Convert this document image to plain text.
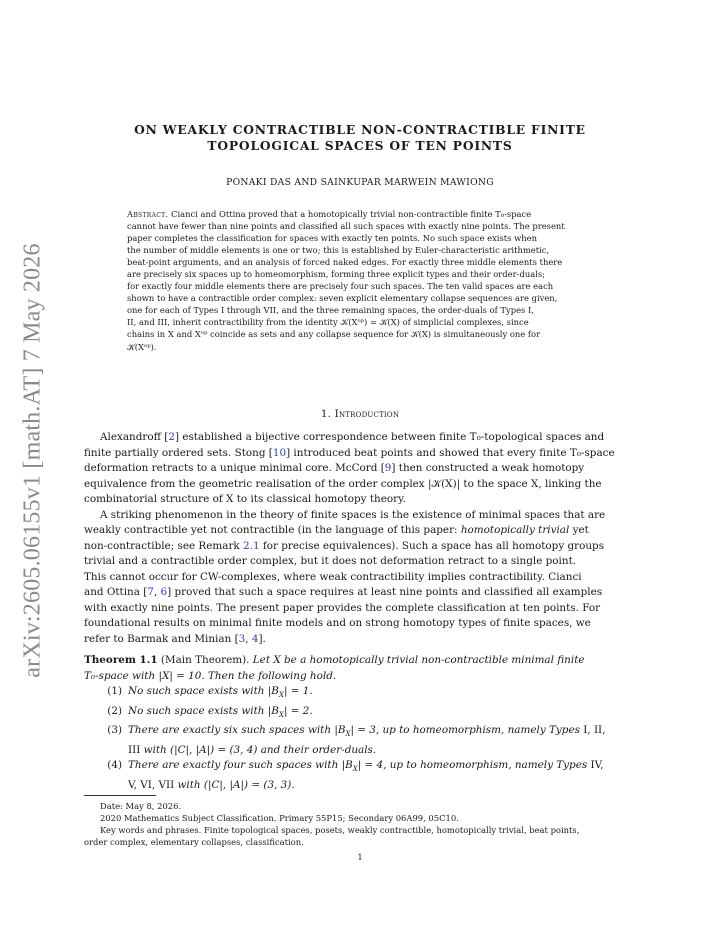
arXiv:2605.06155v1 [math.AT] 7 May 2026
ON WEAKLY CONTRACTIBLE NON-CONTRACTIBLE FINITE
TOPOLOGICAL SPACES OF TEN POINTS
PONAKI DAS AND SAINKUPAR MARWEIN MAWIONG
Abstract. Cianci and Ottina proved that a homotopically trivial non-contractible finite T₀-space
cannot have fewer than nine points and classified all such spaces with exactly nine points. The present
paper completes the classification for spaces with exactly ten points. No such space exists when
the number of middle elements is one or two; this is established by Euler-characteristic arithmetic,
beat-point arguments, and an analysis of forced naked edges. For exactly three middle elements there
are precisely six spaces up to homeomorphism, forming three explicit types and their order-duals;
for exactly four middle elements there are precisely four such spaces. The ten valid spaces are each
shown to have a contractible order complex: seven explicit elementary collapse sequences are given,
one for each of Types I through VII, and the three remaining spaces, the order-duals of Types I,
II, and III, inherit contractibility from the identity 𝒦(Xᵒᵖ) = 𝒦(X) of simplicial complexes, since
chains in X and Xᵒᵖ coincide as sets and any collapse sequence for 𝒦(X) is simultaneously one for
𝒦(Xᵒᵖ).
1. Introduction
Alexandroff [2] established a bijective correspondence between finite T₀-topological spaces and
finite partially ordered sets. Stong [10] introduced beat points and showed that every finite T₀-space
deformation retracts to a unique minimal core. McCord [9] then constructed a weak homotopy
equivalence from the geometric realisation of the order complex |𝒦(X)| to the space X, linking the
combinatorial structure of X to its classical homotopy theory.
A striking phenomenon in the theory of finite spaces is the existence of minimal spaces that are
weakly contractible yet not contractible (in the language of this paper: homotopically trivial yet
non-contractible; see Remark 2.1 for precise equivalences). Such a space has all homotopy groups
trivial and a contractible order complex, but it does not deformation retract to a single point.
This cannot occur for CW-complexes, where weak contractibility implies contractibility. Cianci
and Ottina [7, 6] proved that such a space requires at least nine points and classified all examples
with exactly nine points. The present paper provides the complete classification at ten points. For
foundational results on minimal finite models and on strong homotopy types of finite spaces, we
refer to Barmak and Minian [3, 4].
Theorem 1.1 (Main Theorem). Let X be a homotopically trivial non-contractible minimal finite
T₀-space with |X| = 10. Then the following hold.
(1) No such space exists with $|B_X| = 1$.
(2) No such space exists with $|B_X| = 2$.
(3) There are exactly six such spaces with $|B_X| = 3$, up to homeomorphism, namely Types I, II,
III with (|C|, |A|) = (3, 4) and their order-duals.
(4) There are exactly four such spaces with $|B_X| = 4$, up to homeomorphism, namely Types IV,
V, VI, VII with (|C|, |A|) = (3, 3).
Date: May 8, 2026.
2020 Mathematics Subject Classification. Primary 55P15; Secondary 06A99, 05C10.
Key words and phrases. Finite topological spaces, posets, weakly contractible, homotopically trivial, beat points,
order complex, elementary collapses, classification.
1
